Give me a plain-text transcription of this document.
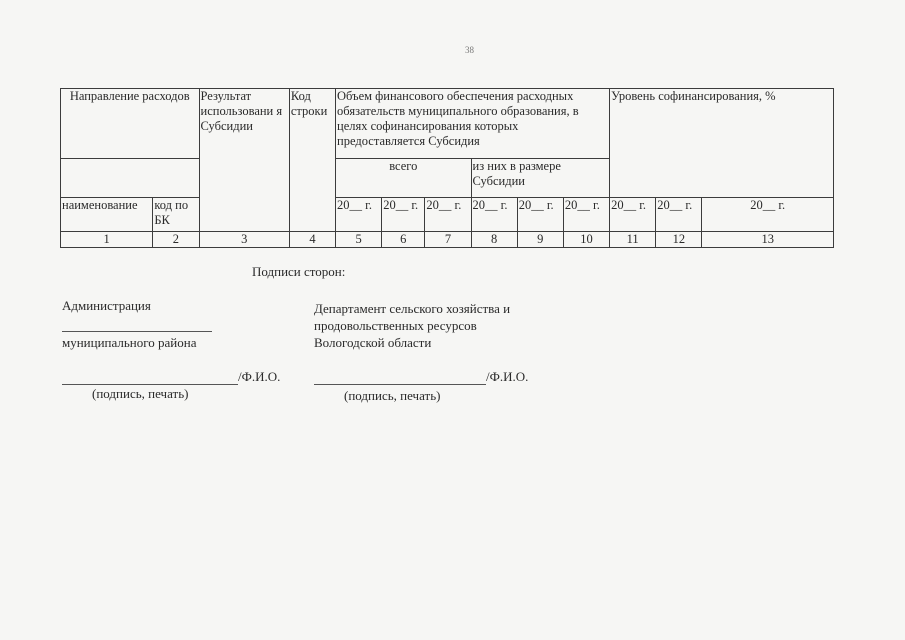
38
Направление расходов		Результат использовани я Субсидии	Код строки	Объем финансового обеспечения расходных обязательств муниципального образования, в целях софинансирования которых предоставляется Субсидия						Уровень софинансирования, %		
				всего			из них в размере Субсидии					
наименование	код по БК			20__ г.	20__ г.	20__ г.	20__ г.	20__ г.	20__ г.	20__ г.	20__ г.	20__ г.
1	2	3	4	5	6	7	8	9	10	11	12	13
Подписи сторон:
Администрация
муниципального района
Департамент сельского хозяйства и
продовольственных ресурсов
Вологодской области
/Ф.И.О.	/Ф.И.О.
(подпись, печать)	(подпись, печать)
